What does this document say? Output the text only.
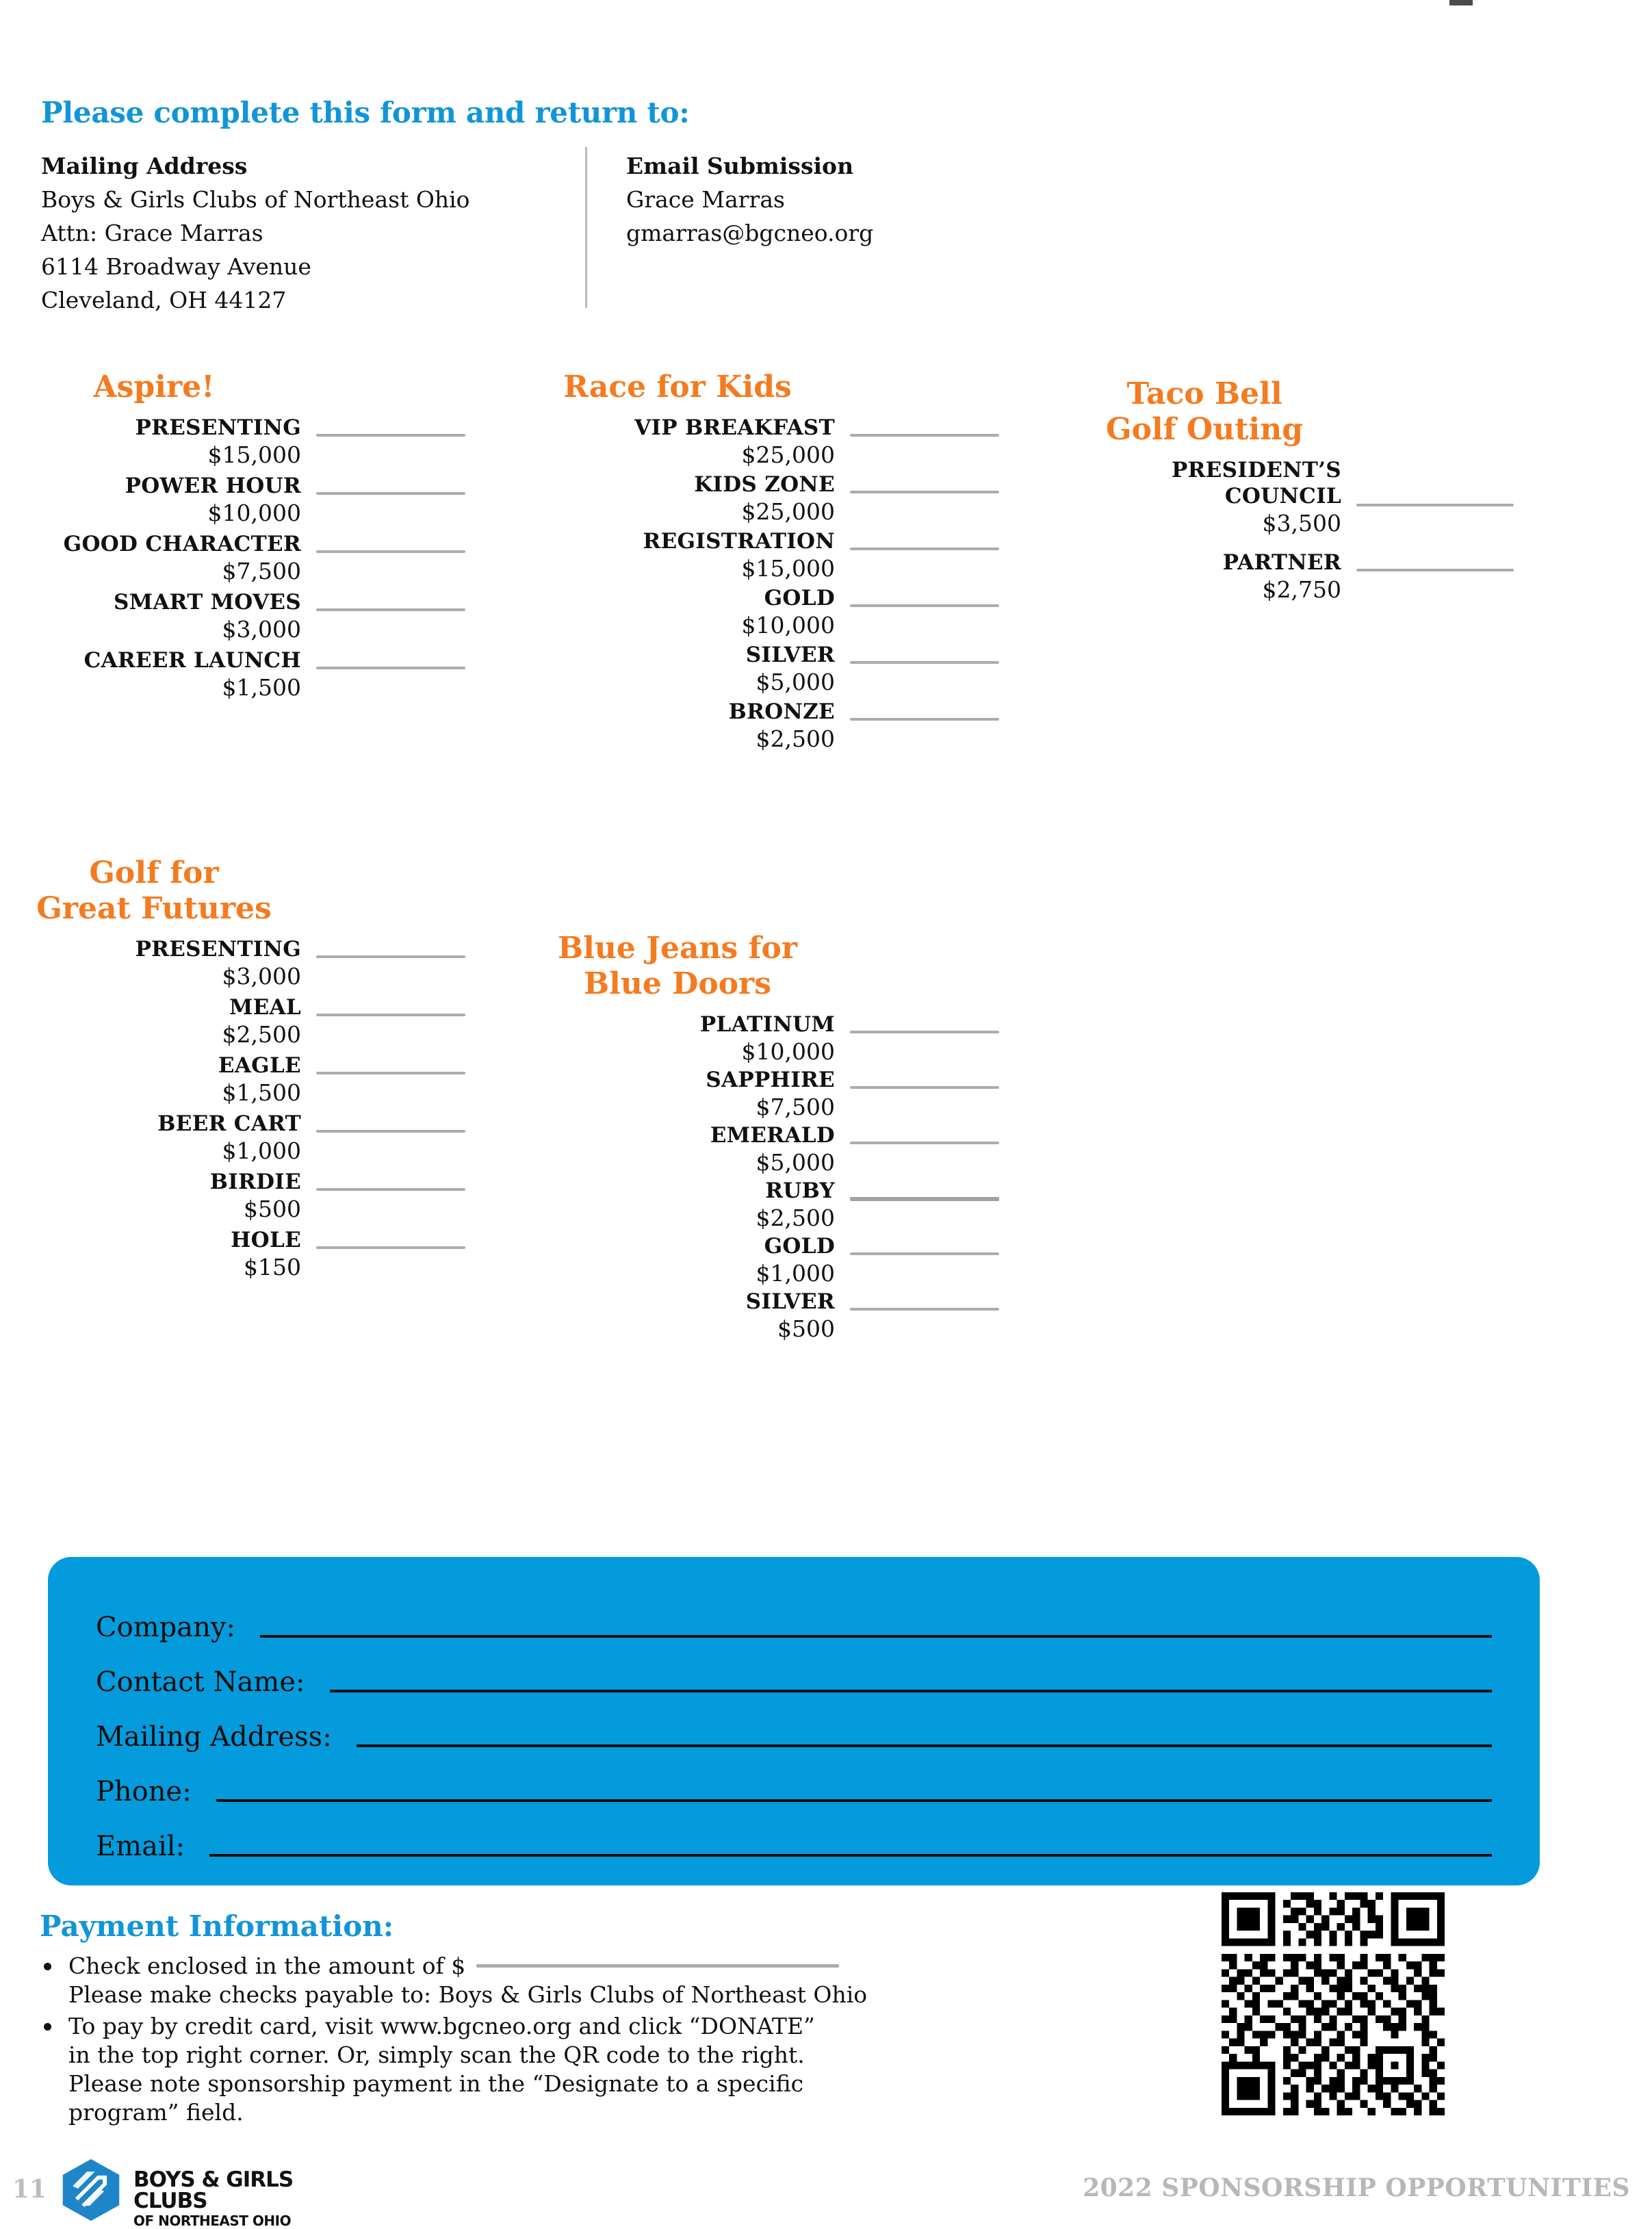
Please complete this form and return to:
Mailing Address
Boys & Girls Clubs of Northeast Ohio
Attn: Grace Marras
6114 Broadway Avenue
Cleveland, OH 44127
Email Submission
Grace Marras
gmarras@bgcneo.org
Aspire!
PRESENTING
$15,000
POWER HOUR
$10,000
GOOD CHARACTER
$7,500
SMART MOVES
$3,000
CAREER LAUNCH
$1,500
Golf for
Great Futures
PRESENTING
$3,000
MEAL
$2,500
EAGLE
$1,500
BEER CART
$1,000
BIRDIE
$500
HOLE
$150
Race for Kids
VIP BREAKFAST
$25,000
KIDS ZONE
$25,000
REGISTRATION
$15,000
GOLD
$10,000
SILVER
$5,000
BRONZE
$2,500
Blue Jeans for
Blue Doors
PLATINUM
$10,000
SAPPHIRE
$7,500
EMERALD
$5,000
RUBY
$2,500
GOLD
$1,000
SILVER
$500
Taco Bell
Golf Outing
PRESIDENT’S
COUNCIL
$3,500
PARTNER
$2,750
Company:
Contact Name:
Mailing Address:
Phone:
Email:
Payment Information:
Check enclosed in the amount of $
Please make checks payable to: Boys & Girls Clubs of Northeast Ohio
To pay by credit card, visit www.bgcneo.org and click “DONATE”
in the top right corner. Or, simply scan the QR code to the right.
Please note sponsorship payment in the “Designate to a specific
program” field.
11	BOYS & GIRLS CLUBS
OF NORTHEAST OHIO
2022 SPONSORSHIP OPPORTUNITIES
